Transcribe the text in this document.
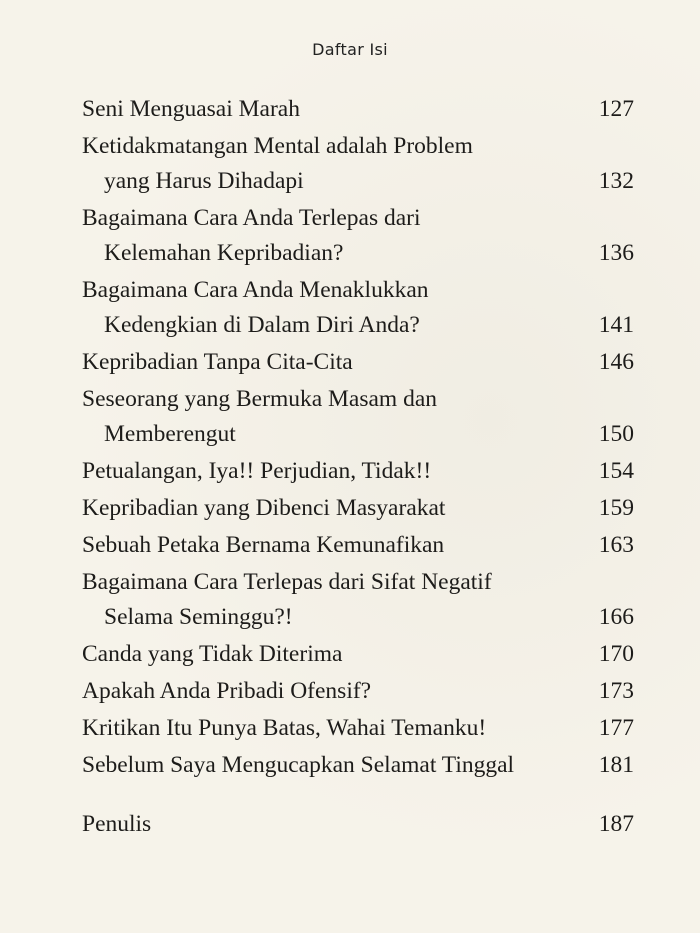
Daftar Isi
Seni Menguasai Marah	127
Ketidakmatangan Mental adalah Problem
yang Harus Dihadapi	132
Bagaimana Cara Anda Terlepas dari
Kelemahan Kepribadian?	136
Bagaimana Cara Anda Menaklukkan
Kedengkian di Dalam Diri Anda?	141
Kepribadian Tanpa Cita-Cita	146
Seseorang yang Bermuka Masam dan
Memberengut	150
Petualangan, Iya!! Perjudian, Tidak!!	154
Kepribadian yang Dibenci Masyarakat	159
Sebuah Petaka Bernama Kemunafikan	163
Bagaimana Cara Terlepas dari Sifat Negatif
Selama Seminggu?!	166
Canda yang Tidak Diterima	170
Apakah Anda Pribadi Ofensif?	173
Kritikan Itu Punya Batas, Wahai Temanku!	177
Sebelum Saya Mengucapkan Selamat Tinggal	181
Penulis	187
